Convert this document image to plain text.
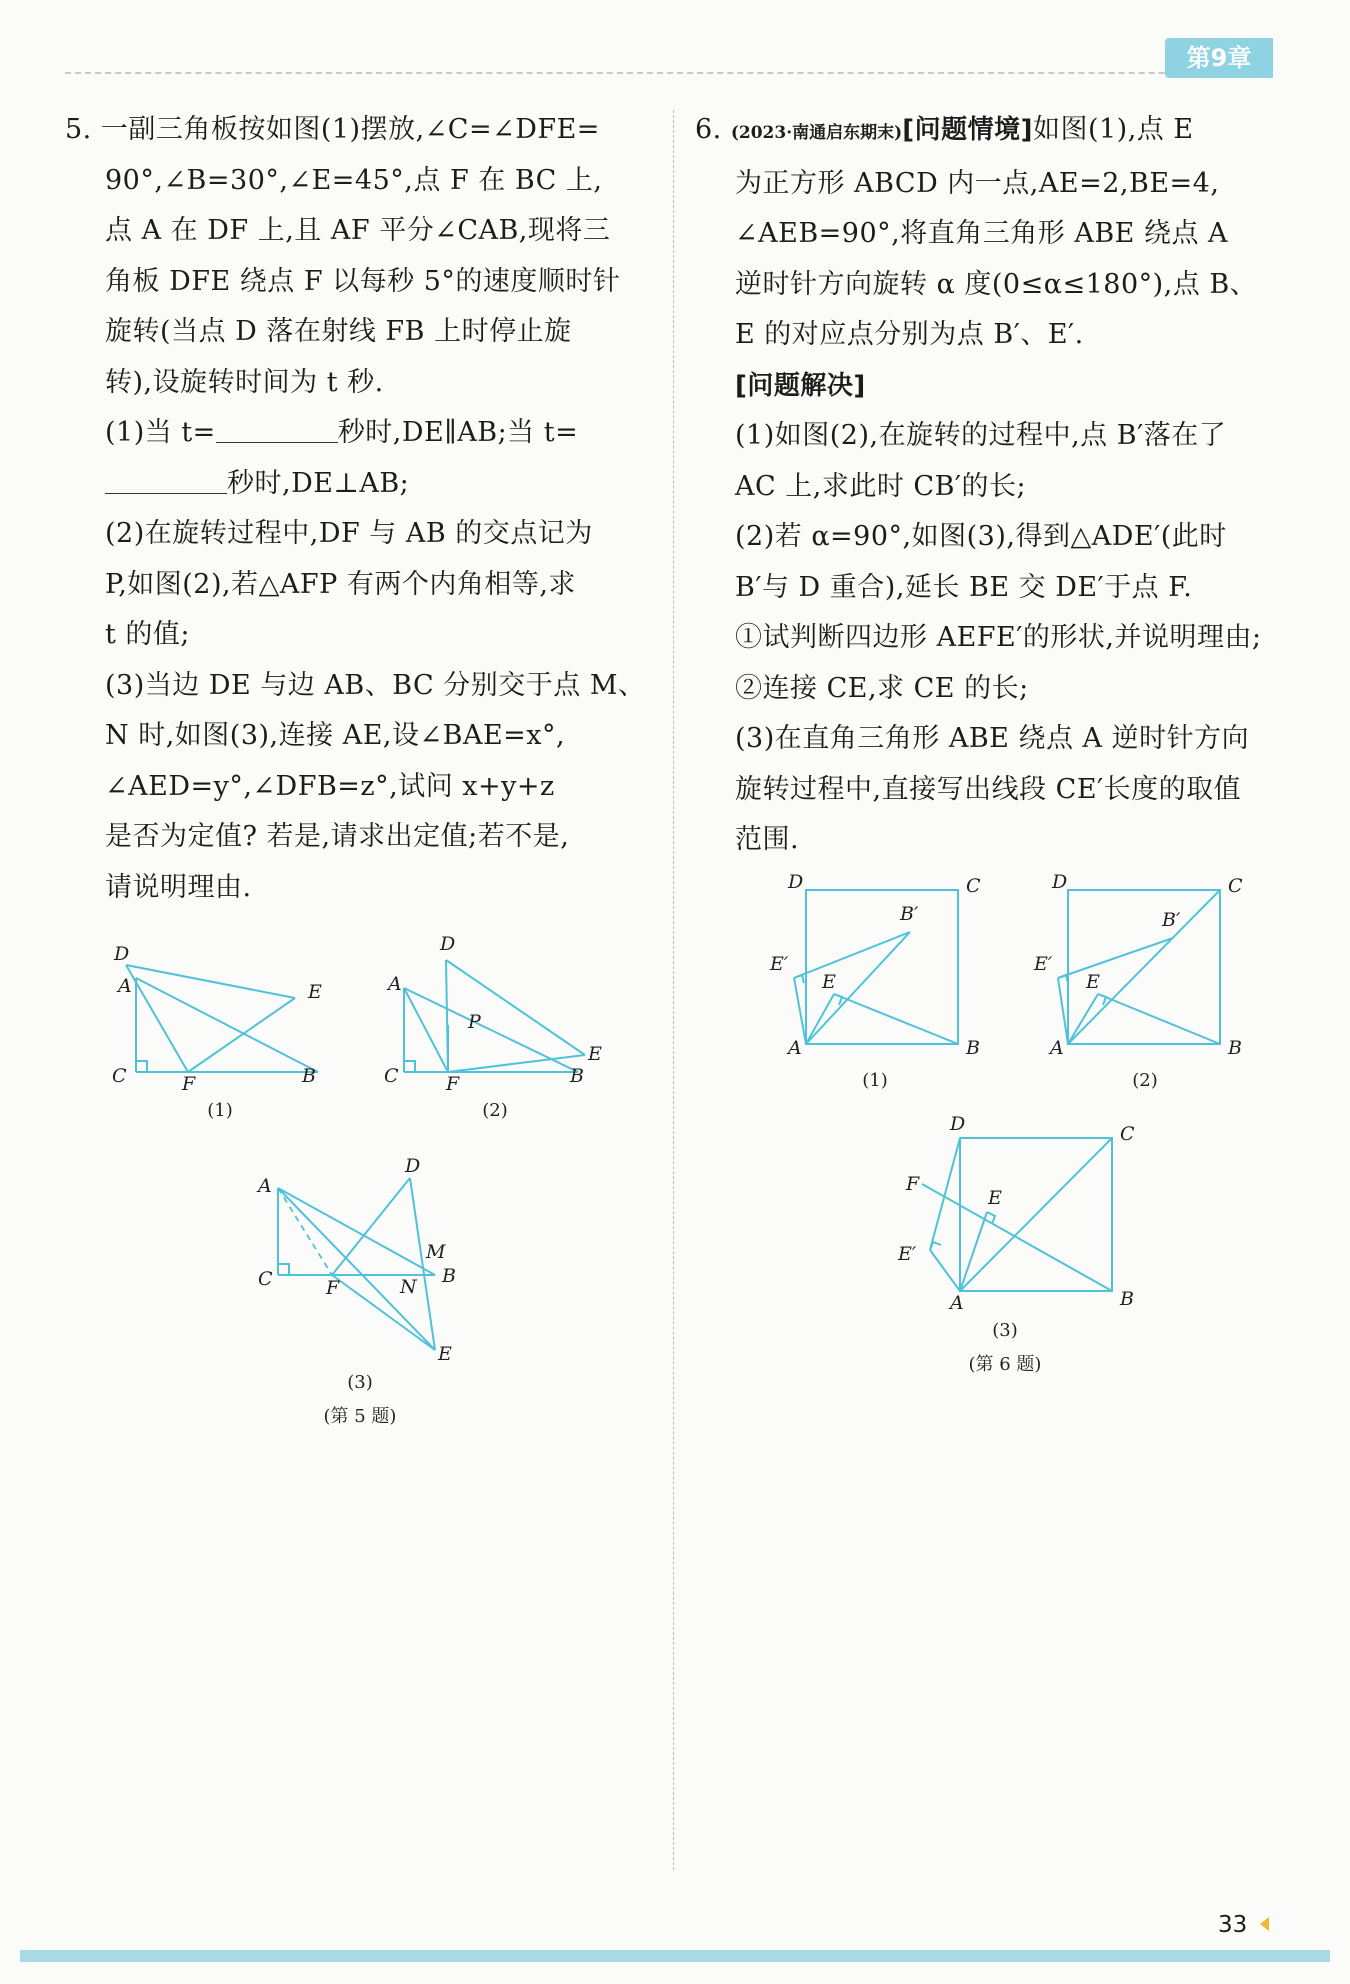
第9章

5. 一副三角板按如图(1)摆放,∠C=∠DFE=

90°,∠B=30°,∠E=45°,点 F 在 BC 上,

点 A 在 DF 上,且 AF 平分∠CAB,现将三

角板 DFE 绕点 F 以每秒 5°的速度顺时针

旋转(当点 D 落在射线 FB 上时停止旋

转),设旋转时间为 t 秒.

(1)当 t=	秒时,DE∥AB;当 t=

秒时,DE⊥AB;

(2)在旋转过程中,DF 与 AB 的交点记为

P,如图(2),若△AFP 有两个内角相等,求

t 的值;

(3)当边 DE 与边 AB、BC 分别交于点 M、

N 时,如图(3),连接 AE,设∠BAE=x°,

∠AED=y°,∠DFB=z°,试问 x+y+z

是否为定值? 若是,请求出定值;若不是,

请说明理由.

6. (2023·南通启东期末)[问题情境]如图(1),点 E

为正方形 ABCD 内一点,AE=2,BE=4,

∠AEB=90°,将直角三角形 ABE 绕点 A

逆时针方向旋转 α 度(0≤α≤180°),点 B、

E 的对应点分别为点 B′、E′.

[问题解决]

(1)如图(2),在旋转的过程中,点 B′落在了

AC 上,求此时 CB′的长;

(2)若 α=90°,如图(3),得到△ADE′(此时

B′与 D 重合),延长 BE 交 DE′于点 F.

①试判断四边形 AEFE′的形状,并说明理由;

②连接 CE,求 CE 的长;

(3)在直角三角形 ABE 绕点 A 逆时针方向

旋转过程中,直接写出线段 CE′长度的取值

范围.

D
A	E
C	F	B
(1)
D
A
P
E
C F	B
(2)
D
A
M
B
C	F	N
E
(3)
(第 5 题)
D	C
B′
E′
E
A	B
(1)
D	C
B′
E′
E
A	B
(2)
D	C
F
E
E′
A	B
(3)
(第 6 题)
33
